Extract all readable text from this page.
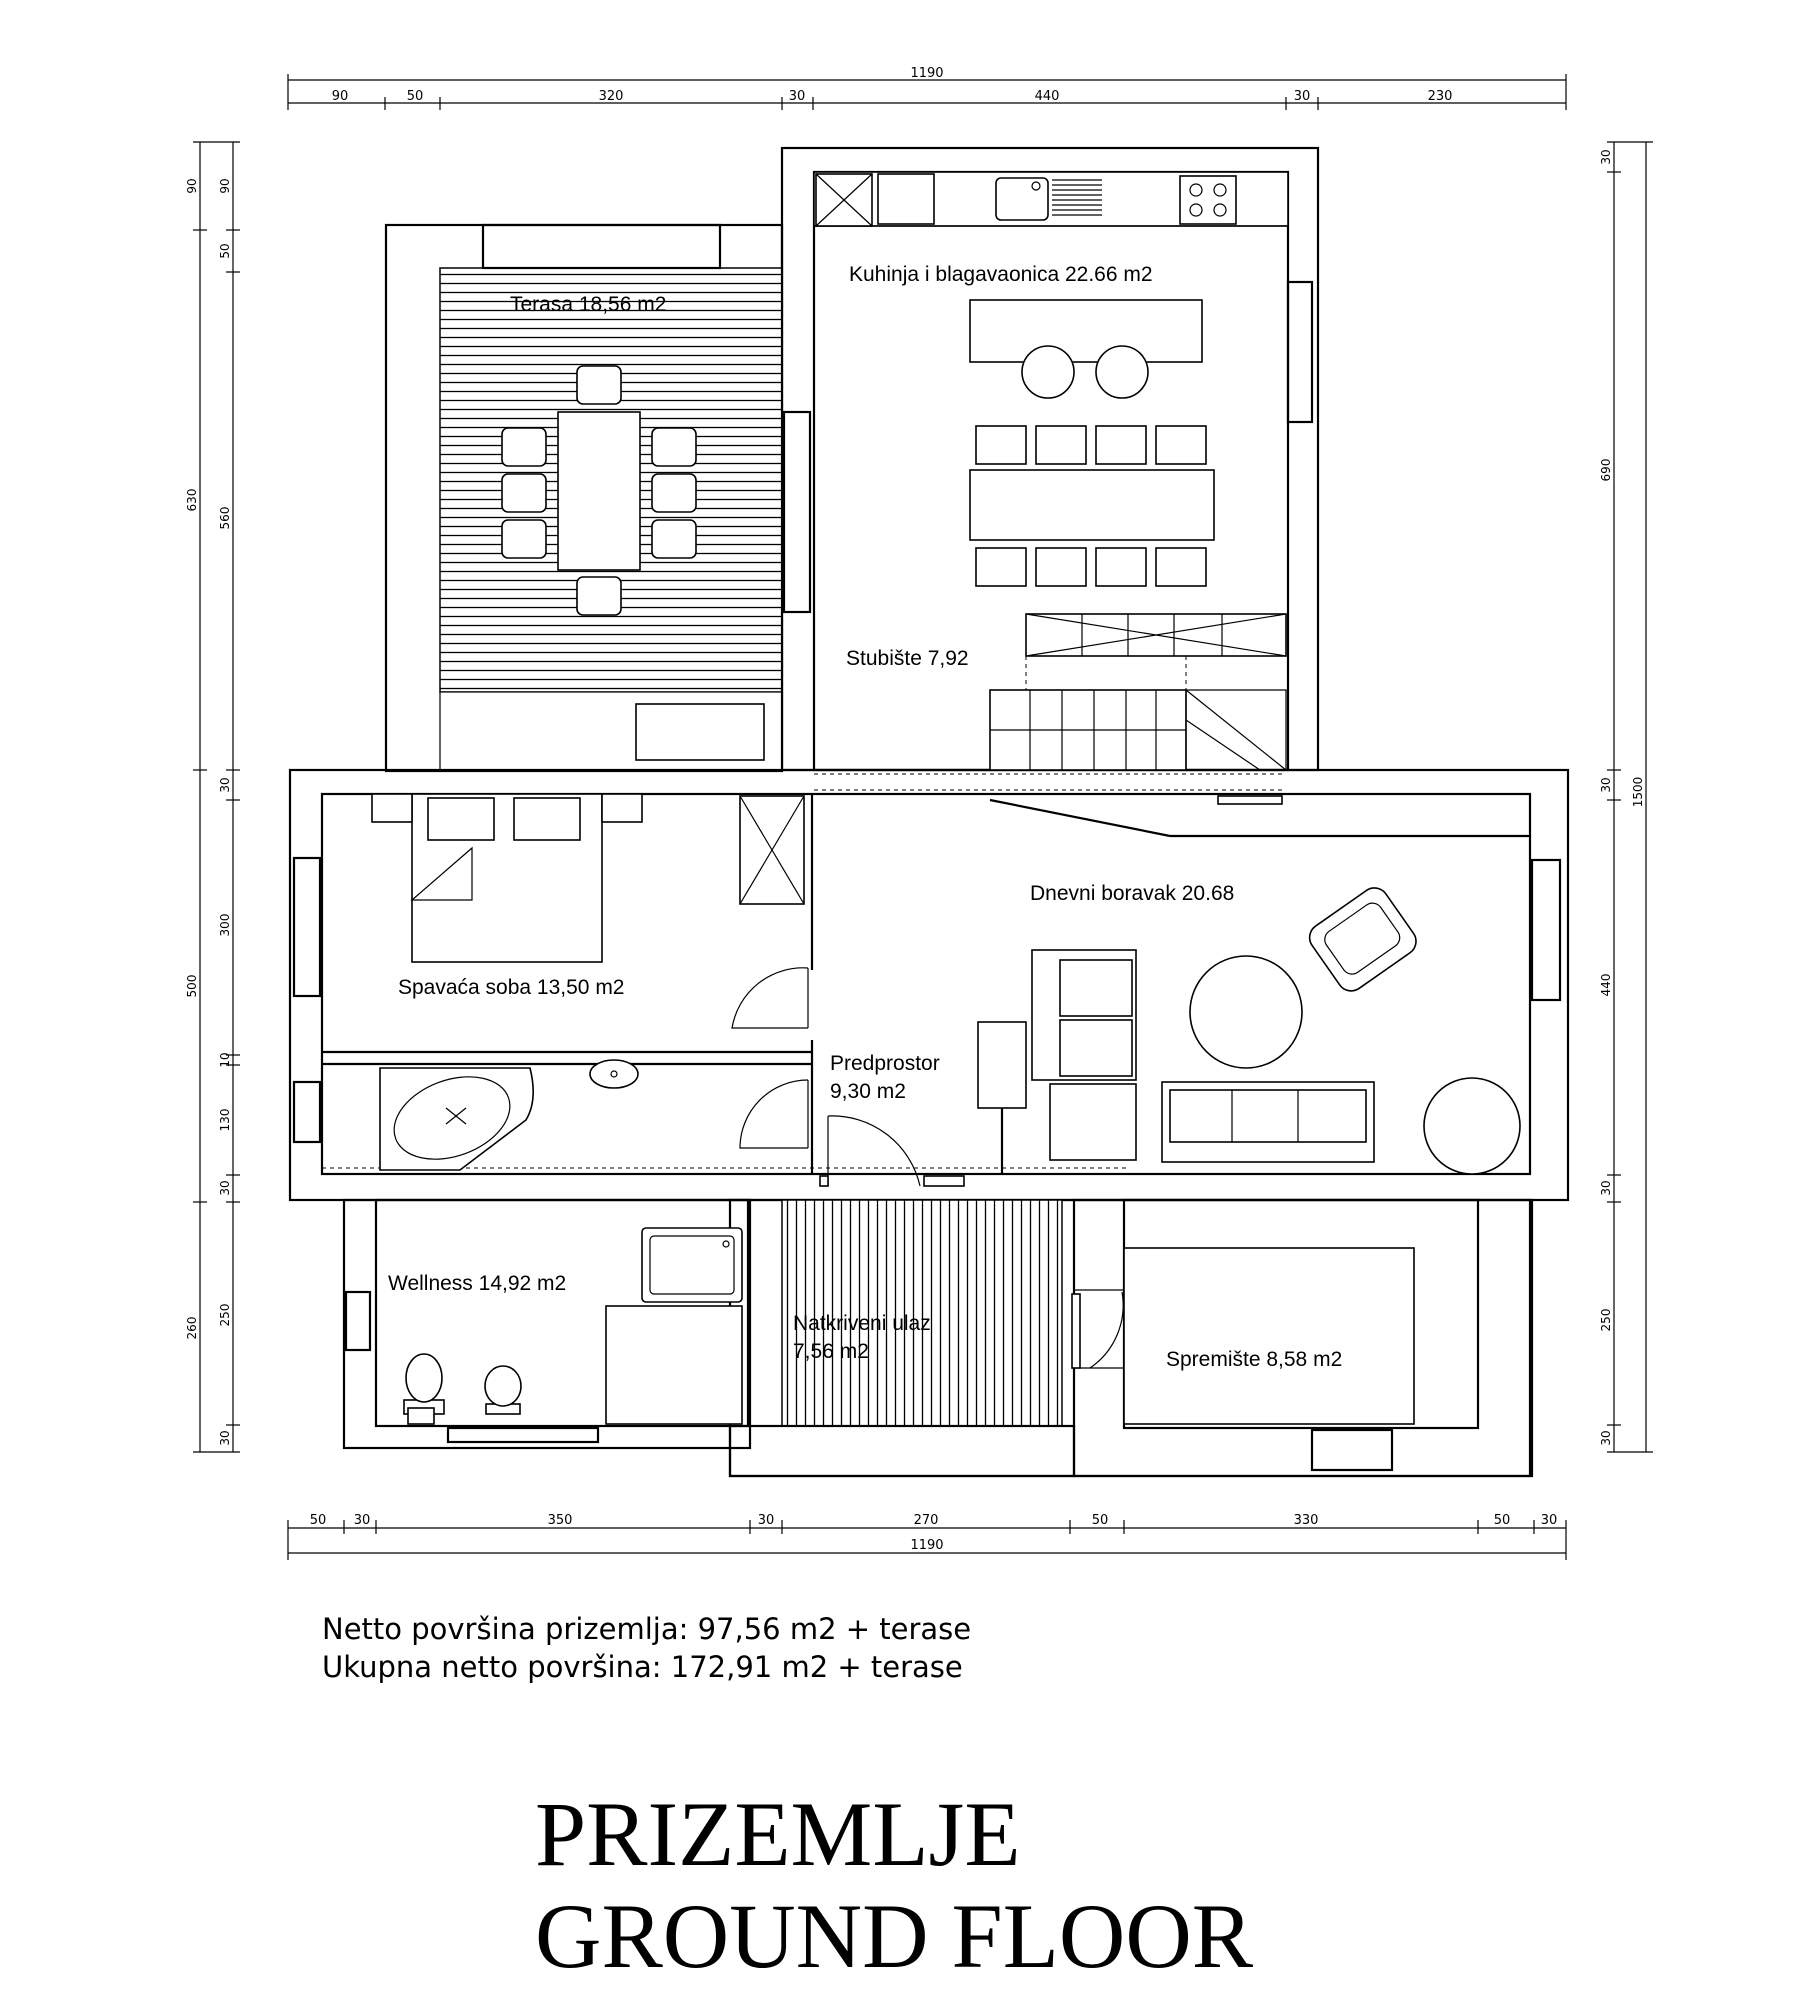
1190
90	50	320	30	440	30	230
50 30	350	30	270	50	330	50 30
1190
90
630
500
260
90
50
560
30
300
10
130
30
250
30
30
690
30
440
30
250
30
1500
Kuhinja i blagavaonica 22.66 m2
Terasa 18,56 m2
Stubište 7,92
Spavaća soba 13,50 m2
Dnevni boravak 20.68
Predprostor
9,30 m2
Wellness 14,92 m2
Natkriveni ulaz
7,56 m2	Spremište 8,58 m2
Netto površina prizemlja: 97,56 m2 + terase
Ukupna netto površina: 172,91 m2 + terase
PRIZEMLJE
GROUND FLOOR
